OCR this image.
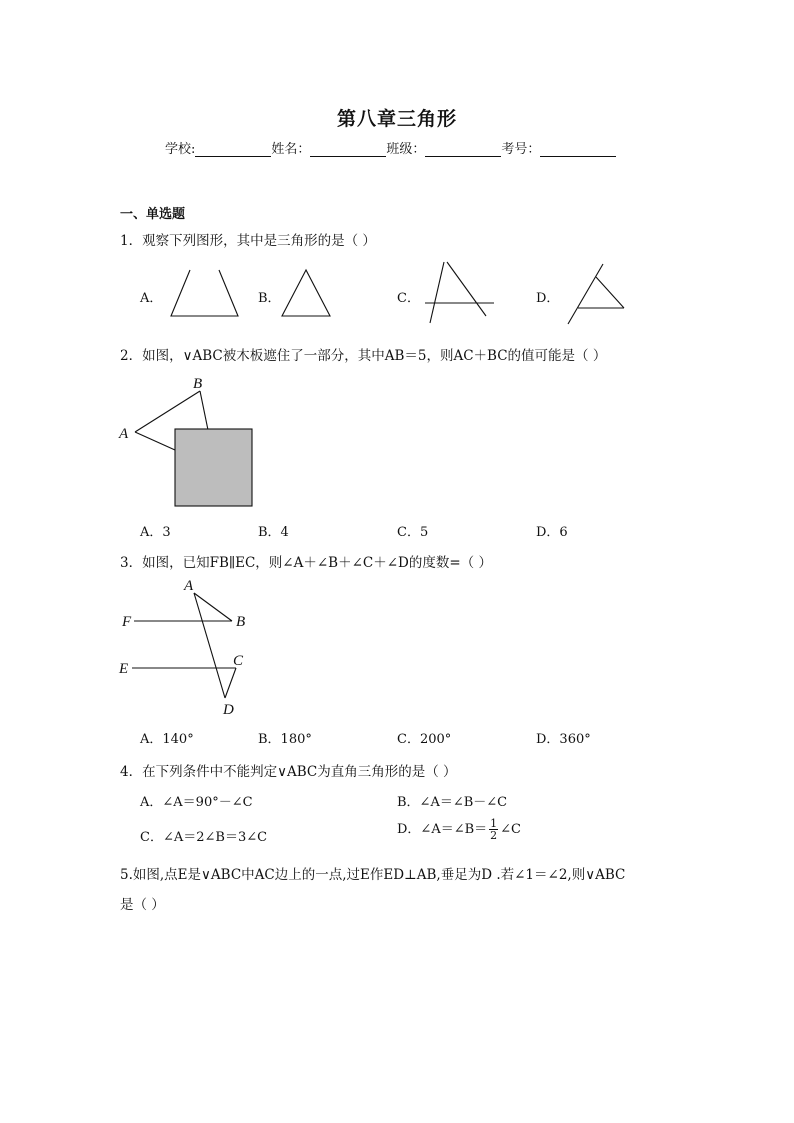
第八章三角形
学校:	姓名：	班级：	考号：
一、单选题
1．观察下列图形，其中是三角形的是（ ）
A．	B．	C．	D．
B
A
A
B
C
D
E
F
2．如图，∨ABC被木板遮住了一部分，其中AB＝5，则AC＋BC的值可能是（ ）
A．3	B．4	C．5	D．6
3．如图，已知FB∥EC，则∠A＋∠B＋∠C＋∠D的度数=（ ）
A．140°	B．180°	C．200°	D．360°
4．在下列条件中不能判定∨ABC为直角三角形的是（ ）
A．∠A＝90°－∠C	B．∠A＝∠B－∠C
C．∠A＝2∠B＝3∠C
D．∠A＝∠B＝ $\frac{1}{2}$ ∠C
5.如图,点E是∨ABC中AC边上的一点,过E作ED⊥AB,垂足为D .若∠1＝∠2,则∨ABC
是（ ）
